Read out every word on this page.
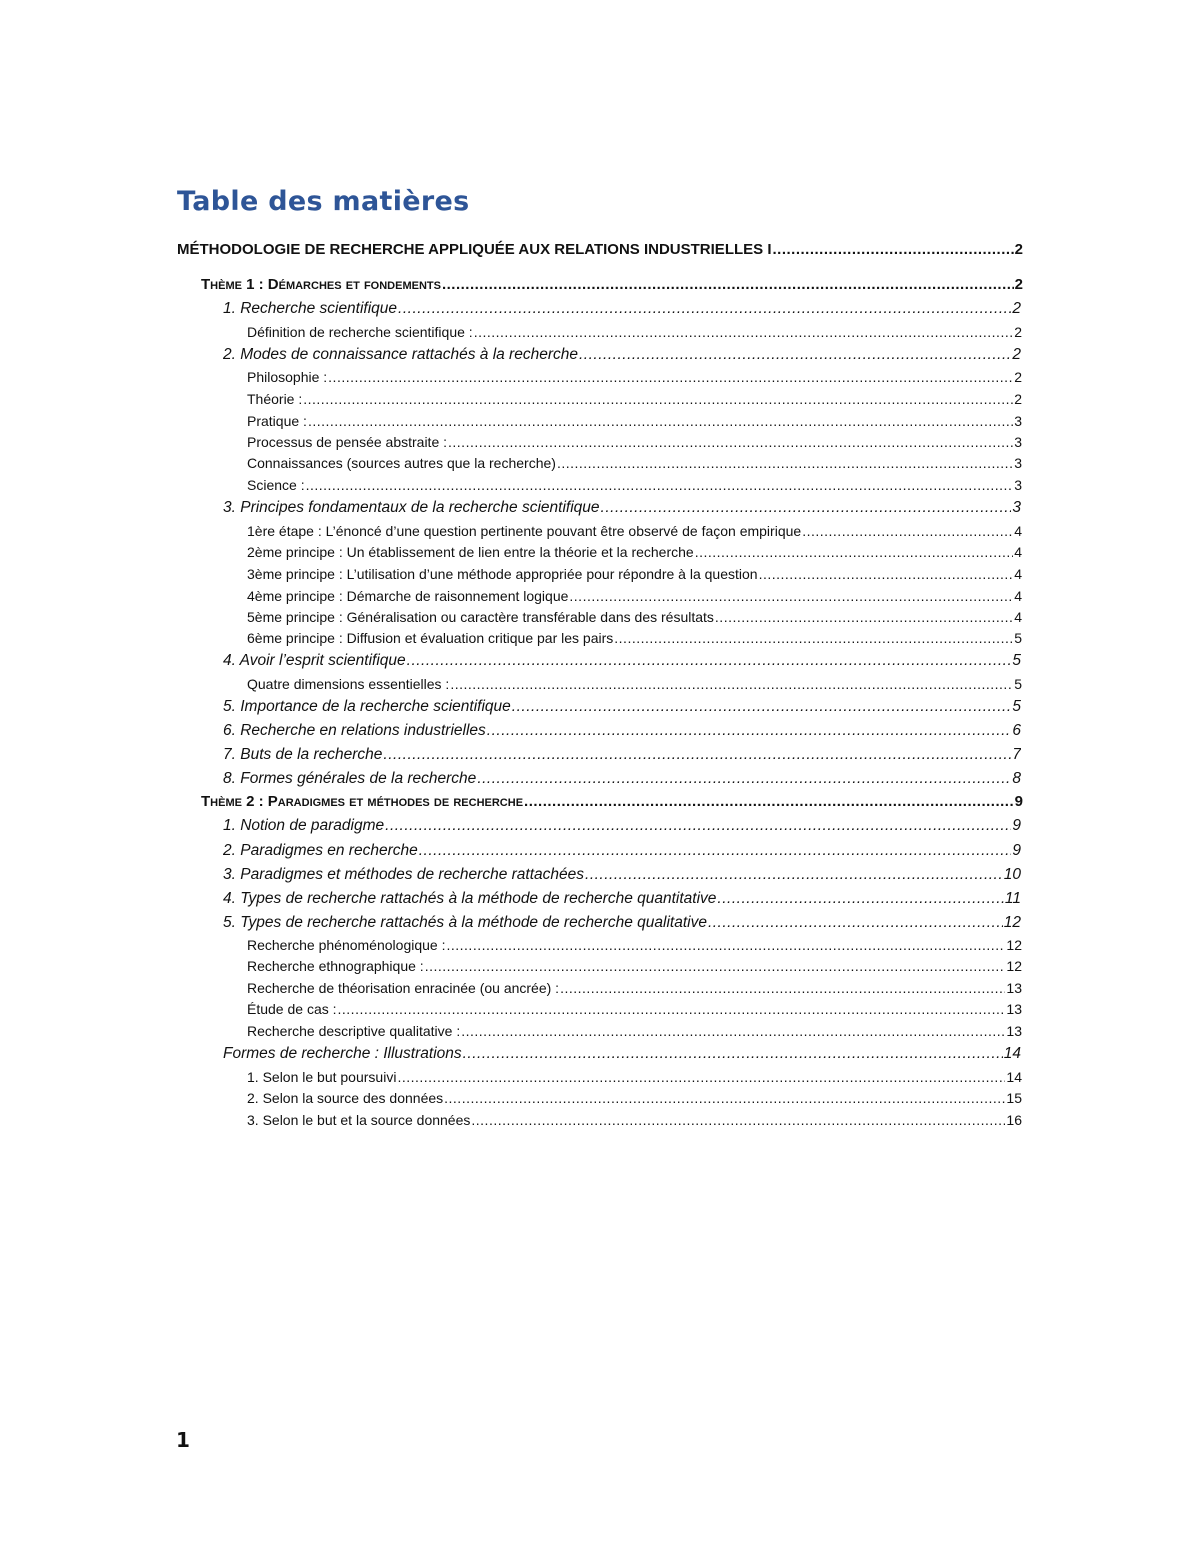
Table des matières
MÉTHODOLOGIE DE RECHERCHE APPLIQUÉE AUX RELATIONS INDUSTRIELLES I .....	2
Thème 1 : Démarches et fondements .....	2
1. Recherche scientifique .....	2
Définition de recherche scientifique : .....	2
2. Modes de connaissance rattachés à la recherche .....	2
Philosophie : .....	2
Théorie : .....	2
Pratique : .....	3
Processus de pensée abstraite : .....	3
Connaissances (sources autres que la recherche) .....	3
Science : .....	3
3. Principes fondamentaux de la recherche scientifique .....	3
1ère étape : L’énoncé d’une question pertinente pouvant être observé de façon empirique .....	4
2ème principe : Un établissement de lien entre la théorie et la recherche .....	4
3ème principe : L’utilisation d’une méthode appropriée pour répondre à la question .....	4
4ème principe : Démarche de raisonnement logique .....	4
5ème principe : Généralisation ou caractère transférable dans des résultats .....	4
6ème principe : Diffusion et évaluation critique par les pairs .....	5
4. Avoir l’esprit scientifique .....	5
Quatre dimensions essentielles : .....	5
5. Importance de la recherche scientifique .....	5
6. Recherche en relations industrielles .....	6
7. Buts de la recherche .....	7
8. Formes générales de la recherche .....	8
Thème 2 : Paradigmes et méthodes de recherche .....	9
1. Notion de paradigme .....	9
2. Paradigmes en recherche .....	9
3. Paradigmes et méthodes de recherche rattachées .....	10
4. Types de recherche rattachés à la méthode de recherche quantitative .....	11
5. Types de recherche rattachés à la méthode de recherche qualitative .....	12
Recherche phénoménologique : .....	12
Recherche ethnographique : .....	12
Recherche de théorisation enracinée (ou ancrée) : .....	13
Étude de cas : .....	13
Recherche descriptive qualitative : .....	13
Formes de recherche : Illustrations .....	14
1. Selon le but poursuivi .....	14
2. Selon la source des données .....	15
3. Selon le but et la source données .....	16
1
